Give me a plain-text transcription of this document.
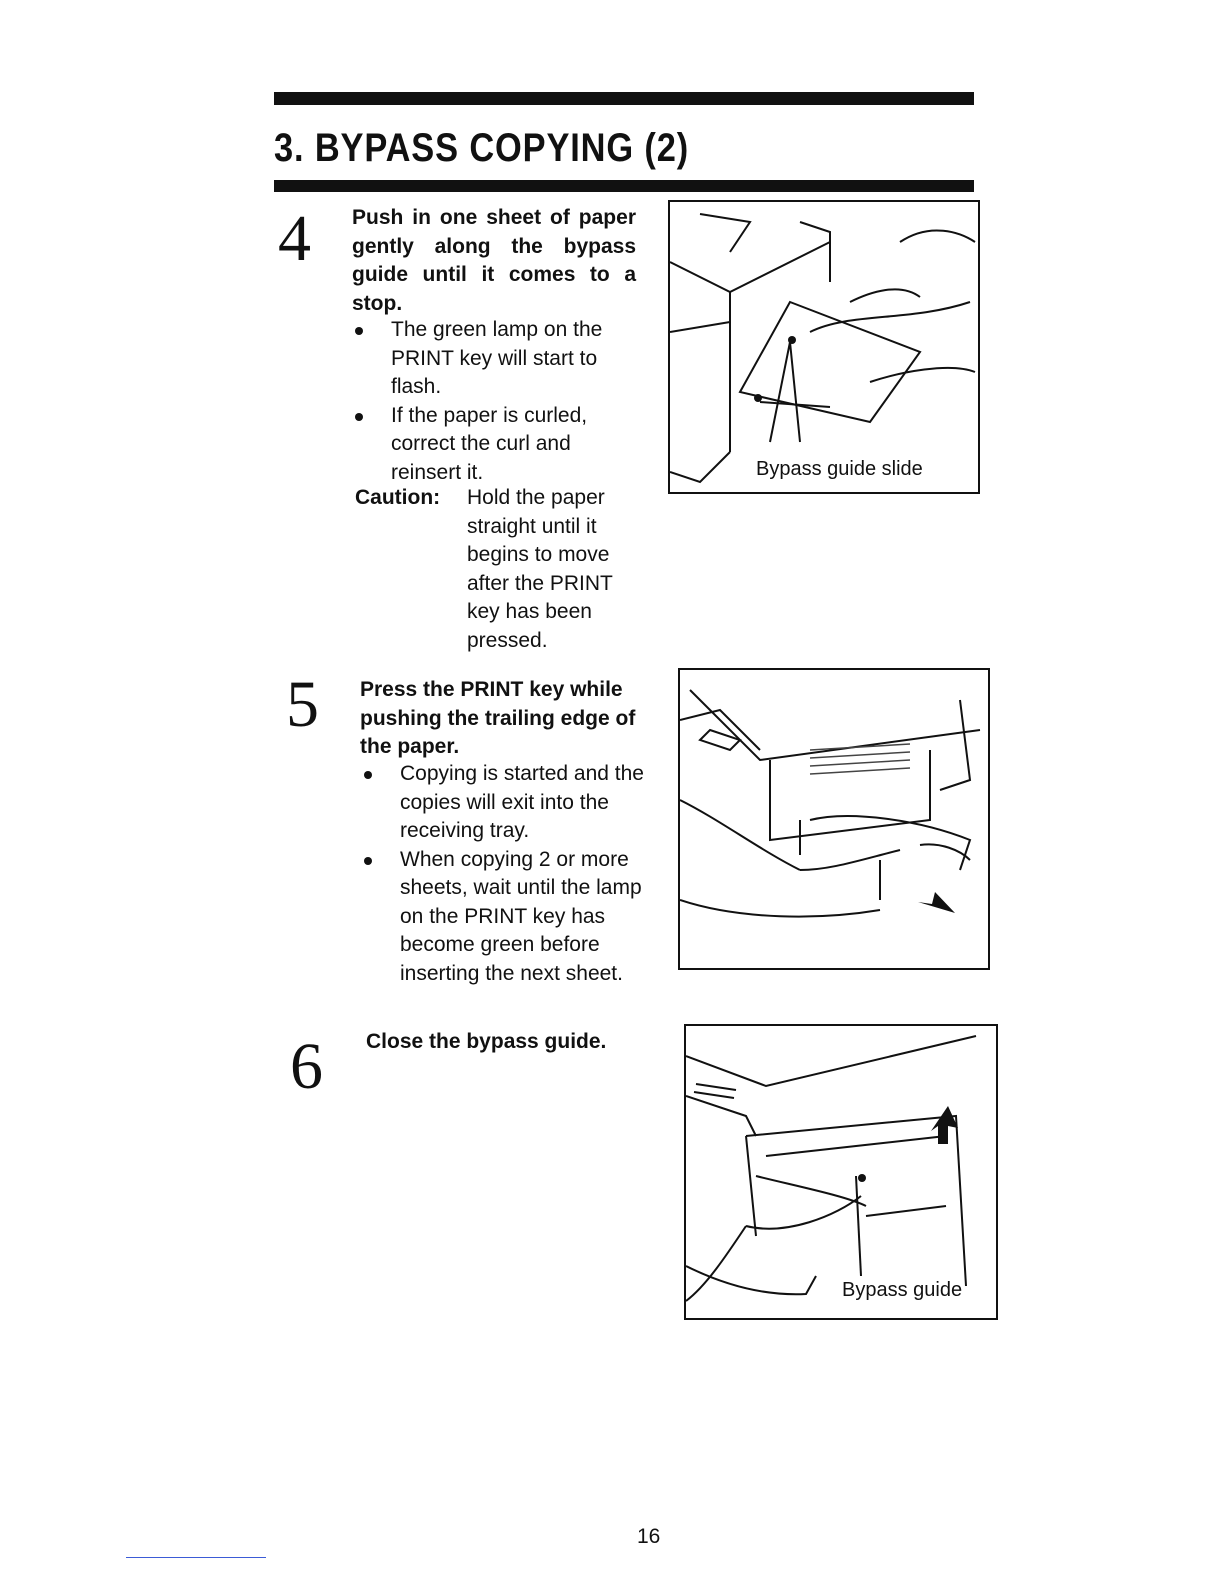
3. BYPASS COPYING (2)
4 Push in one sheet of paper gently along the bypass guide until it comes to a stop.
The green lamp on the PRINT key will start to flash.
If the paper is curled, correct the curl and reinsert it.
Caution: Hold the paper straight until it begins to move after the PRINT key has been pressed.
Bypass guide slide
5 Press the PRINT key while pushing the trailing edge of the paper.
Copying is started and the copies will exit into the receiving tray.
When copying 2 or more sheets, wait until the lamp on the PRINT key has become green before inserting the next sheet.
6 Close the bypass guide.
Bypass guide
16
